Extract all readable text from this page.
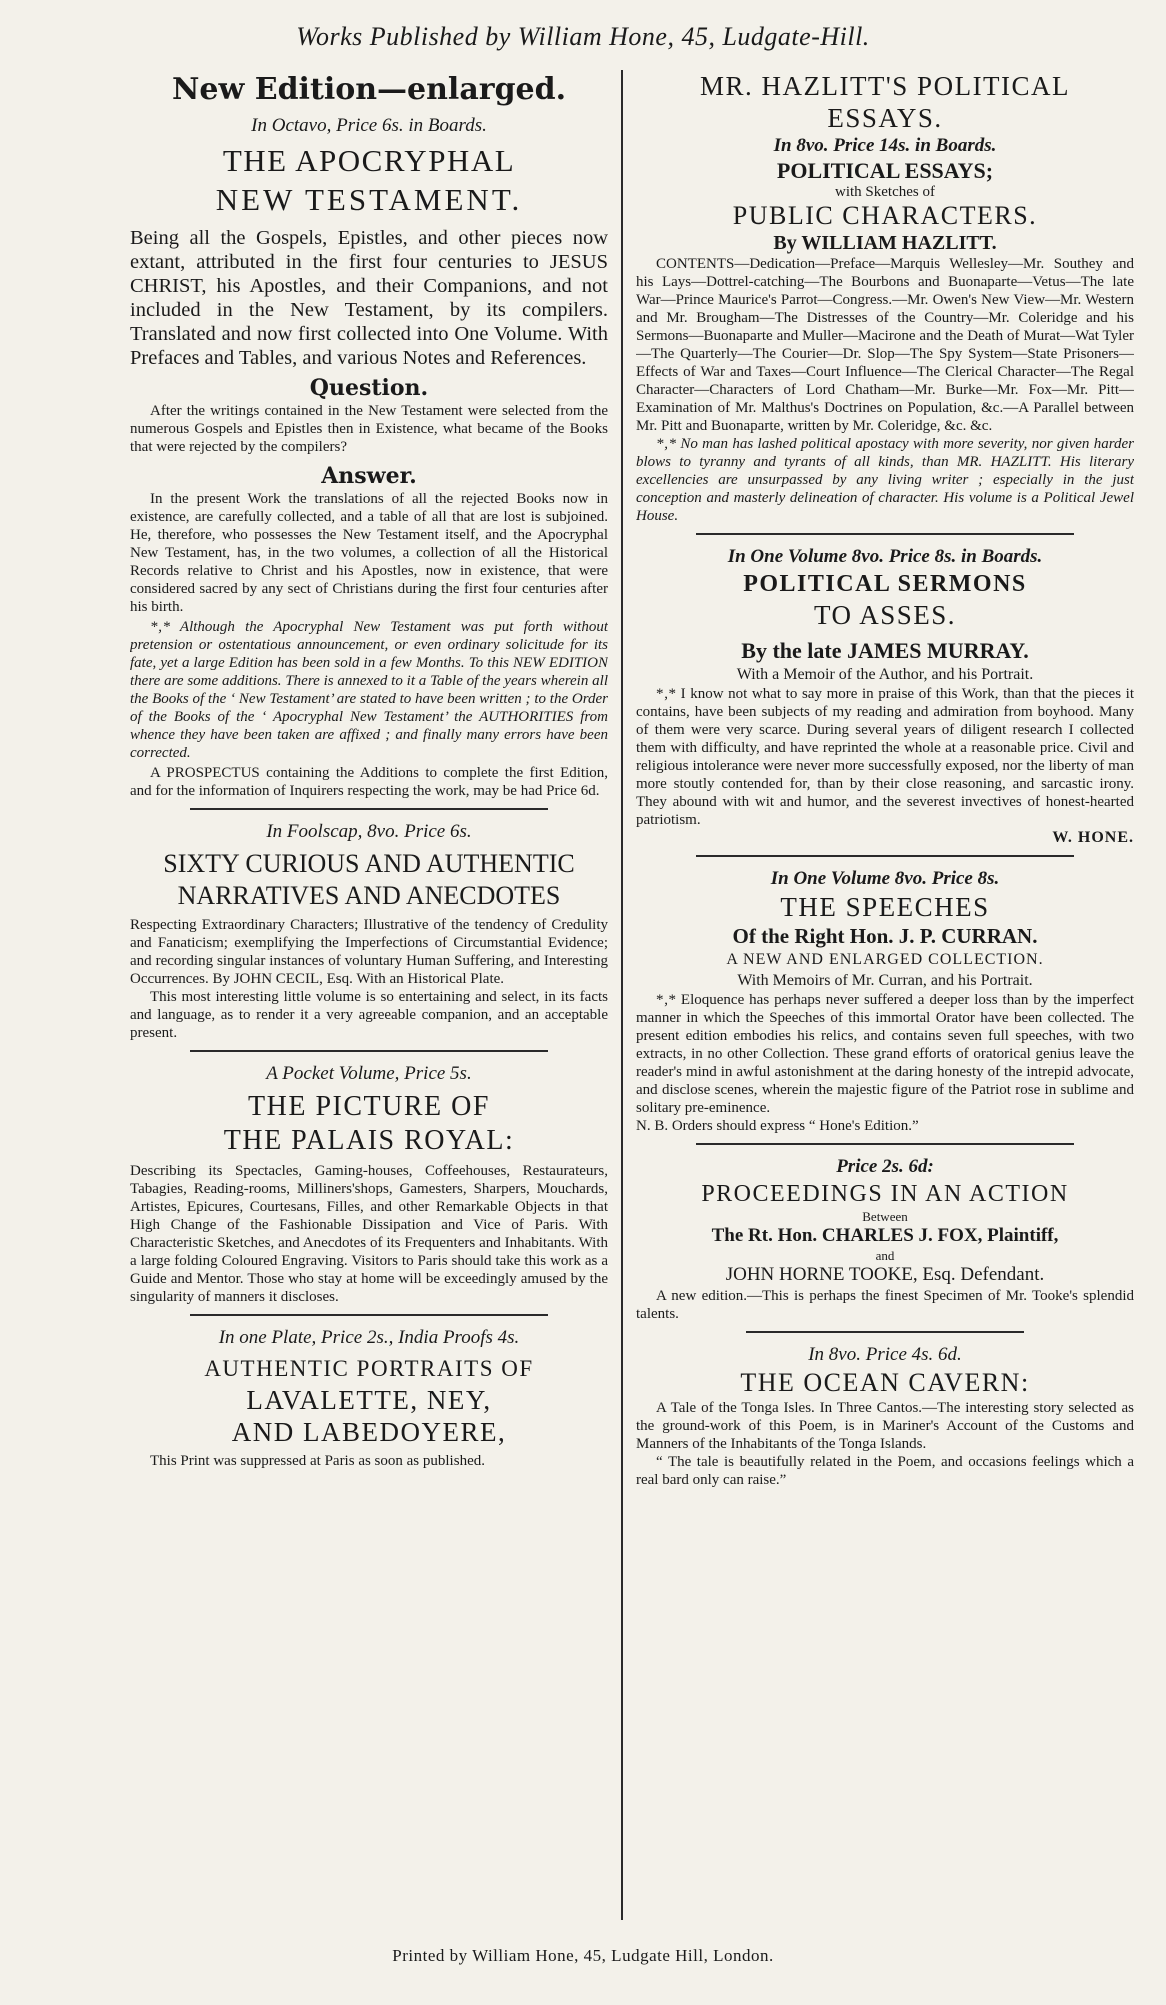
Works Published by William Hone, 45, Ludgate-Hill.
New Edition—enlarged.
In Octavo, Price 6s. in Boards.
THE APOCRYPHAL
NEW TESTAMENT.

Being all the Gospels, Epistles, and other pieces now extant, attributed in the first four centuries to JESUS CHRIST, his Apostles, and their Companions, and not included in the New Testament, by its compilers. Translated and now first collected into One Volume. With Prefaces and Tables, and various Notes and References.

Question.

After the writings contained in the New Testament were selected from the numerous Gospels and Epistles then in Existence, what became of the Books that were rejected by the compilers?

Answer.

In the present Work the translations of all the rejected Books now in existence, are carefully collected, and a table of all that are lost is subjoined. He, therefore, who possesses the New Testament itself, and the Apocryphal New Testament, has, in the two volumes, a collection of all the Historical Records relative to Christ and his Apostles, now in existence, that were considered sacred by any sect of Christians during the first four centuries after his birth.

*‚* Although the Apocryphal New Testament was put forth without pretension or ostentatious announcement, or even ordinary solicitude for its fate, yet a large Edition has been sold in a few Months. To this NEW EDITION there are some additions. There is annexed to it a Table of the years wherein all the Books of the ‘ New Testament’ are stated to have been written ; to the Order of the Books of the ‘ Apocryphal New Testament’ the AUTHORITIES from whence they have been taken are affixed ; and finally many errors have been corrected.

A PROSPECTUS containing the Additions to complete the first Edition, and for the information of Inquirers respecting the work, may be had Price 6d.

In Foolscap, 8vo. Price 6s.
SIXTY CURIOUS AND AUTHENTIC
NARRATIVES AND ANECDOTES

Respecting Extraordinary Characters; Illustrative of the tendency of Credulity and Fanaticism; exemplifying the Imperfections of Circumstantial Evidence; and recording singular instances of voluntary Human Suffering, and Interesting Occurrences. By JOHN CECIL, Esq. With an Historical Plate.

This most interesting little volume is so entertaining and select, in its facts and language, as to render it a very agreeable companion, and an acceptable present.

A Pocket Volume, Price 5s.
THE PICTURE OF
THE PALAIS ROYAL:

Describing its Spectacles, Gaming-houses, Coffeehouses, Restaurateurs, Tabagies, Reading-rooms, Milliners'shops, Gamesters, Sharpers, Mouchards, Artistes, Epicures, Courtesans, Filles, and other Remarkable Objects in that High Change of the Fashionable Dissipation and Vice of Paris. With Characteristic Sketches, and Anecdotes of its Frequenters and Inhabitants. With a large folding Coloured Engraving. Visitors to Paris should take this work as a Guide and Mentor. Those who stay at home will be exceedingly amused by the singularity of manners it discloses.

In one Plate, Price 2s., India Proofs 4s.
AUTHENTIC PORTRAITS OF
LAVALETTE, NEY,
AND LABEDOYERE,

This Print was suppressed at Paris as soon as published.

MR. HAZLITT'S POLITICAL
ESSAYS.
In 8vo. Price 14s. in Boards.
POLITICAL ESSAYS;
with Sketches of
PUBLIC CHARACTERS.
By WILLIAM HAZLITT.

CONTENTS—Dedication—Preface—Marquis Wellesley—Mr. Southey and his Lays—Dottrel-catching—The Bourbons and Buonaparte—Vetus—The late War—Prince Maurice's Parrot—Congress.—Mr. Owen's New View—Mr. Western and Mr. Brougham—The Distresses of the Country—Mr. Coleridge and his Sermons—Buonaparte and Muller—Macirone and the Death of Murat—Wat Tyler—The Quarterly—The Courier—Dr. Slop—The Spy System—State Prisoners—Effects of War and Taxes—Court Influence—The Clerical Character—The Regal Character—Characters of Lord Chatham—Mr. Burke—Mr. Fox—Mr. Pitt—Examination of Mr. Malthus's Doctrines on Population, &c.—A Parallel between Mr. Pitt and Buonaparte, written by Mr. Coleridge, &c. &c.

*‚* No man has lashed political apostacy with more severity, nor given harder blows to tyranny and tyrants of all kinds, than MR. HAZLITT. His literary excellencies are unsurpassed by any living writer ; especially in the just conception and masterly delineation of character. His volume is a Political Jewel House.

In One Volume 8vo. Price 8s. in Boards.
POLITICAL SERMONS
TO ASSES.
By the late JAMES MURRAY.
With a Memoir of the Author, and his Portrait.

*‚* I know not what to say more in praise of this Work, than that the pieces it contains, have been subjects of my reading and admiration from boyhood. Many of them were very scarce. During several years of diligent research I collected them with difficulty, and have reprinted the whole at a reasonable price. Civil and religious intolerance were never more successfully exposed, nor the liberty of man more stoutly contended for, than by their close reasoning, and sarcastic irony. They abound with wit and humor, and the severest invectives of honest-hearted patriotism.

W. HONE.
In One Volume 8vo. Price 8s.
THE SPEECHES
Of the Right Hon. J. P. CURRAN.
A NEW AND ENLARGED COLLECTION.
With Memoirs of Mr. Curran, and his Portrait.

*‚* Eloquence has perhaps never suffered a deeper loss than by the imperfect manner in which the Speeches of this immortal Orator have been collected. The present edition embodies his relics, and contains seven full speeches, with two extracts, in no other Collection. These grand efforts of oratorical genius leave the reader's mind in awful astonishment at the daring honesty of the intrepid advocate, and disclose scenes, wherein the majestic figure of the Patriot rose in sublime and solitary pre-eminence.

N. B. Orders should express “ Hone's Edition.”

Price 2s. 6d:
PROCEEDINGS IN AN ACTION
Between
The Rt. Hon. CHARLES J. FOX, Plaintiff,
and
JOHN HORNE TOOKE, Esq. Defendant.

A new edition.—This is perhaps the finest Specimen of Mr. Tooke's splendid talents.

In 8vo. Price 4s. 6d.
THE OCEAN CAVERN:

A Tale of the Tonga Isles. In Three Cantos.—The interesting story selected as the ground-work of this Poem, is in Mariner's Account of the Customs and Manners of the Inhabitants of the Tonga Islands.

“ The tale is beautifully related in the Poem, and occasions feelings which a real bard only can raise.”

Printed by William Hone, 45, Ludgate Hill, London.
